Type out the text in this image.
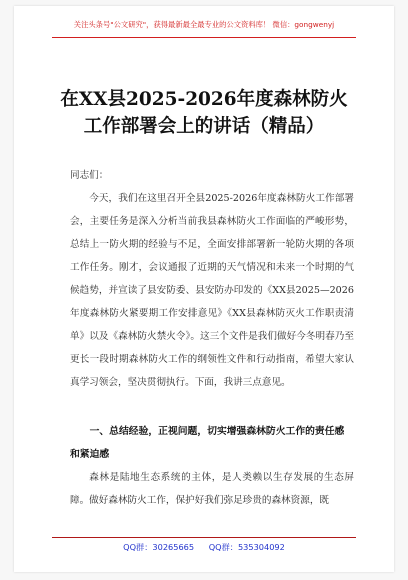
关注头条号"公文研究"，获得最新最全最专业的公文资料库！ 微信：gongwenyj
在XX县2025-2026年度森林防火工作部署会上的讲话（精品）
同志们：
今天，我们在这里召开全县2025-2026年度森林防火工作部署会，主要任务是深入分析当前我县森林防火工作面临的严峻形势，总结上一防火期的经验与不足，全面安排部署新一轮防火期的各项工作任务。刚才，会议通报了近期的天气情况和未来一个时期的气候趋势，并宣读了县安防委、县安防办印发的《XX县2025—2026年度森林防火紧要期工作安排意见》《XX县森林防灭火工作职责清单》以及《森林防火禁火令》。这三个文件是我们做好今冬明春乃至更长一段时期森林防火工作的纲领性文件和行动指南，希望大家认真学习领会，坚决贯彻执行。下面，我讲三点意见。
一、总结经验，正视问题，切实增强森林防火工作的责任感和紧迫感
森林是陆地生态系统的主体，是人类赖以生存发展的生态屏障。做好森林防火工作，保护好我们弥足珍贵的森林资源，既
QQ群：30265665 QQ群：535304092
